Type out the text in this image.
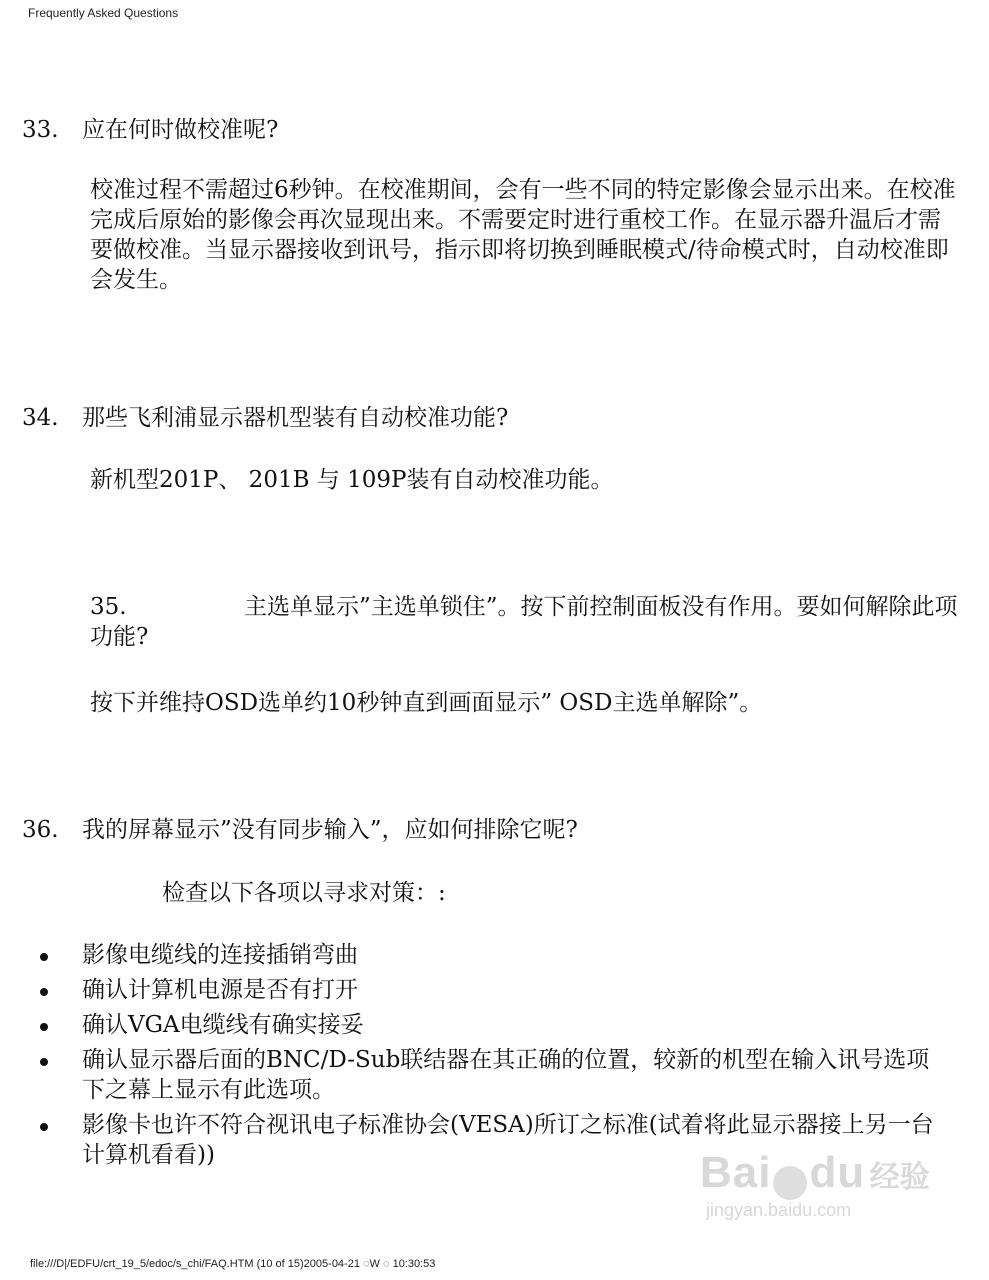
Frequently Asked Questions
33. 应在何时做校准呢?
校准过程不需超过6秒钟。在校准期间，会有一些不同的特定影像会显示出来。在校准完成后原始的影像会再次显现出来。不需要定时进行重校工作。在显示器升温后才需要做校准。当显示器接收到讯号，指示即将切换到睡眠模式/待命模式时，自动校准即会发生。
34. 那些飞利浦显示器机型装有自动校准功能?
新机型201P、 201B 与 109P装有自动校准功能。
35.	主选单显示”主选单锁住”。按下前控制面板没有作用。要如何解除此项功能?
按下并维持OSD选单约10秒钟直到画面显示” OSD主选单解除”。
36. 我的屏幕显示”没有同步输入”，应如何排除它呢?
检查以下各项以寻求对策：:
影像电缆线的连接插销弯曲
确认计算机电源是否有打开
确认VGA电缆线有确实接妥
确认显示器后面的BNC/D-Sub联结器在其正确的位置，较新的机型在输入讯号选项下之幕上显示有此选项。
影像卡也许不符合视讯电子标准协会(VESA)所订之标准(试着将此显示器接上另一台计算机看看))	Bai du 经验
jingyan.baidu.com
file:///D|/EDFU/crt_19_5/edoc/s_chi/FAQ.HTM (10 of 15)2005-04-21 ◌W ◌ 10:30:53
